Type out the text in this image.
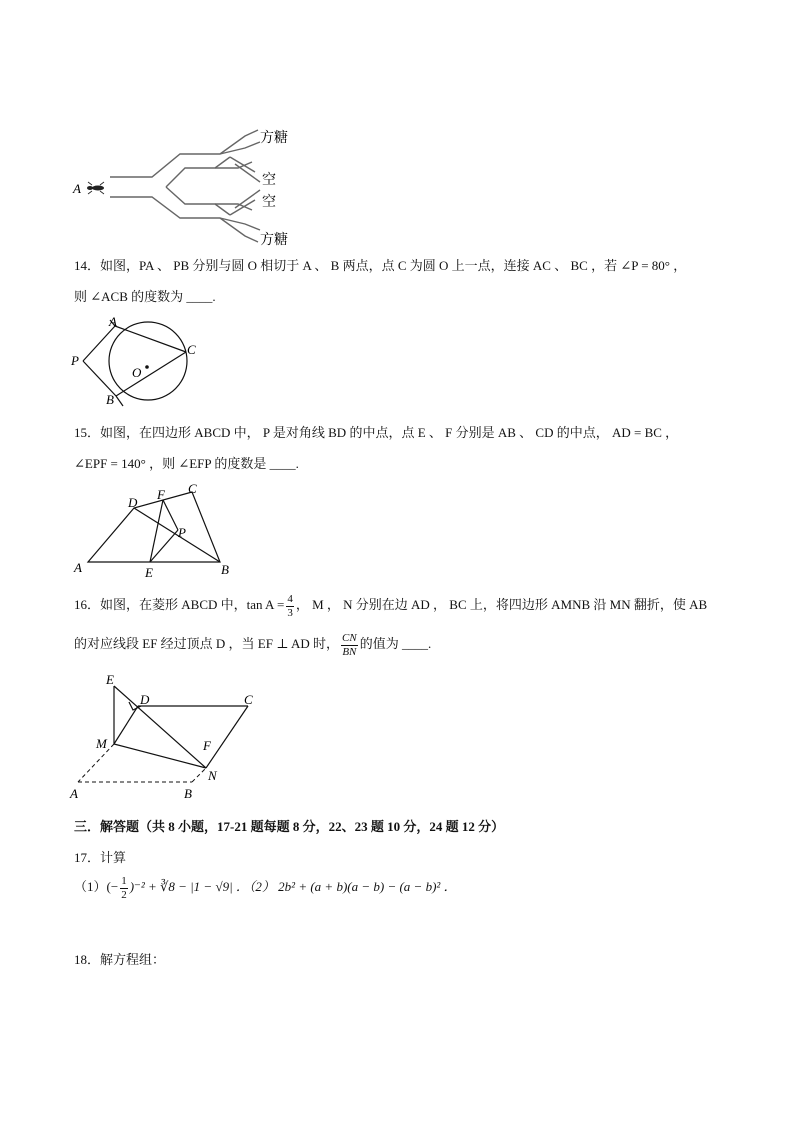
A
方糖
空
空
方糖
14．如图，PA 、 PB 分别与圆 O 相切于 A 、 B 两点，点 C 为圆 O 上一点，连接 AC 、 BC ，若 ∠P = 80° ，
则 ∠ACB 的度数为 ____.
A
B
C
P
O
15．如图，在四边形 ABCD 中， P 是对角线 BD 的中点，点 E 、 F 分别是 AB 、 CD 的中点， AD = BC ，
∠EPF = 140° ，则 ∠EFP 的度数是 ____.
A	B
C
D
E
F
P
16．如图，在菱形 ABCD 中，$\tan A = \frac{4}{3}$ ， M ， N 分别在边 AD ， BC 上，将四边形 AMNB 沿 MN 翻折，使 AB
的对应线段 EF 经过顶点 D ，当 EF ⊥ AD 时， $\frac{CN}{BN}$ 的值为 ____.
E
D	C
M	F
N
A	B
三．解答题（共 8 小题，17-21 题每题 8 分，22、23 题 10 分，24 题 12 分）
17．计算
$(1)(- \frac{1}{2} )^{-2}$ + ∛8 − |1 − √9| ．（2） 2b² + (a + b)(a − b) − (a − b)² ．
18．解方程组：
